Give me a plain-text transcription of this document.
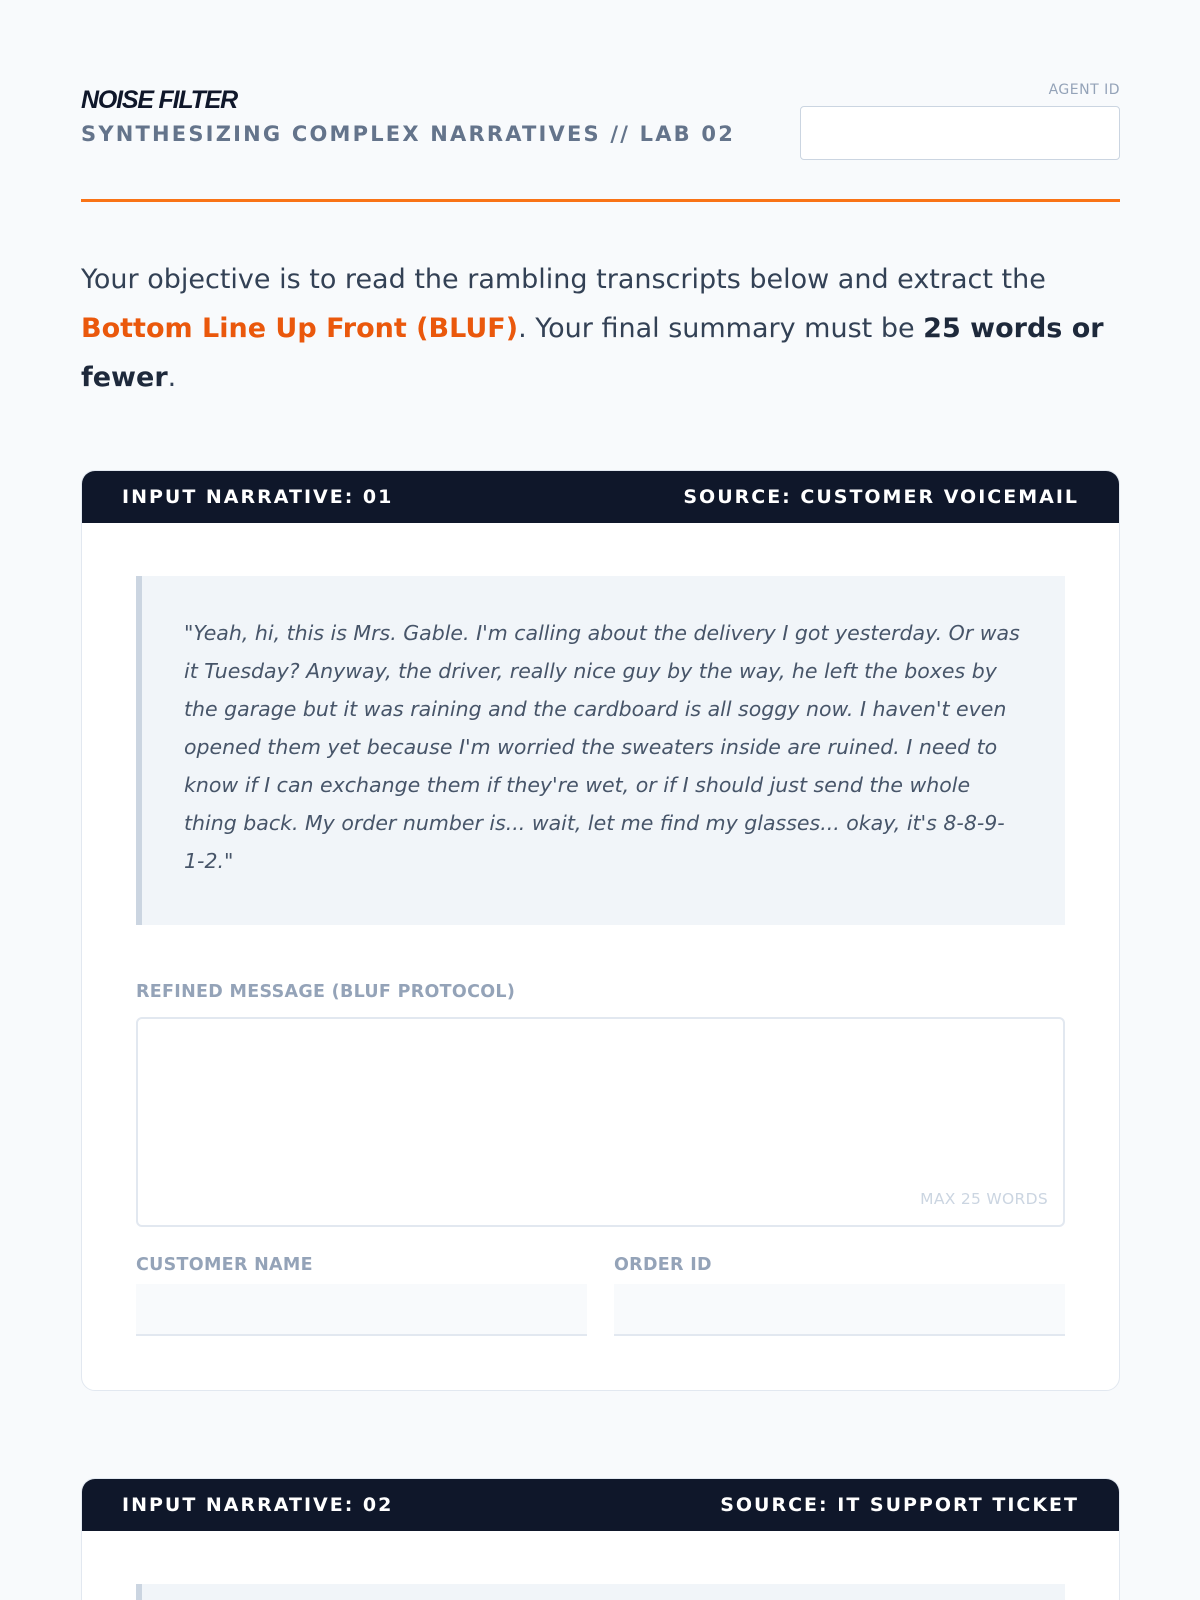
NOISE FILTER
SYNTHESIZING COMPLEX NARRATIVES // LAB 02
AGENT ID

Your objective is to read the rambling transcripts below and extract the Bottom Line Up Front (BLUF). Your final summary must be 25 words or fewer.

INPUT NARRATIVE: 01	SOURCE: CUSTOMER VOICEMAIL
"Yeah, hi, this is Mrs. Gable. I'm calling about the delivery I got yesterday. Or was it Tuesday? Anyway, the driver, really nice guy by the way, he left the boxes by the garage but it was raining and the cardboard is all soggy now. I haven't even opened them yet because I'm worried the sweaters inside are ruined. I need to know if I can exchange them if they're wet, or if I should just send the whole thing back. My order number is... wait, let me find my glasses... okay, it's 8-8-9-1-2."
REFINED MESSAGE (BLUF PROTOCOL)
MAX 25 WORDS
CUSTOMER NAME	ORDER ID
INPUT NARRATIVE: 02	SOURCE: IT SUPPORT TICKET
